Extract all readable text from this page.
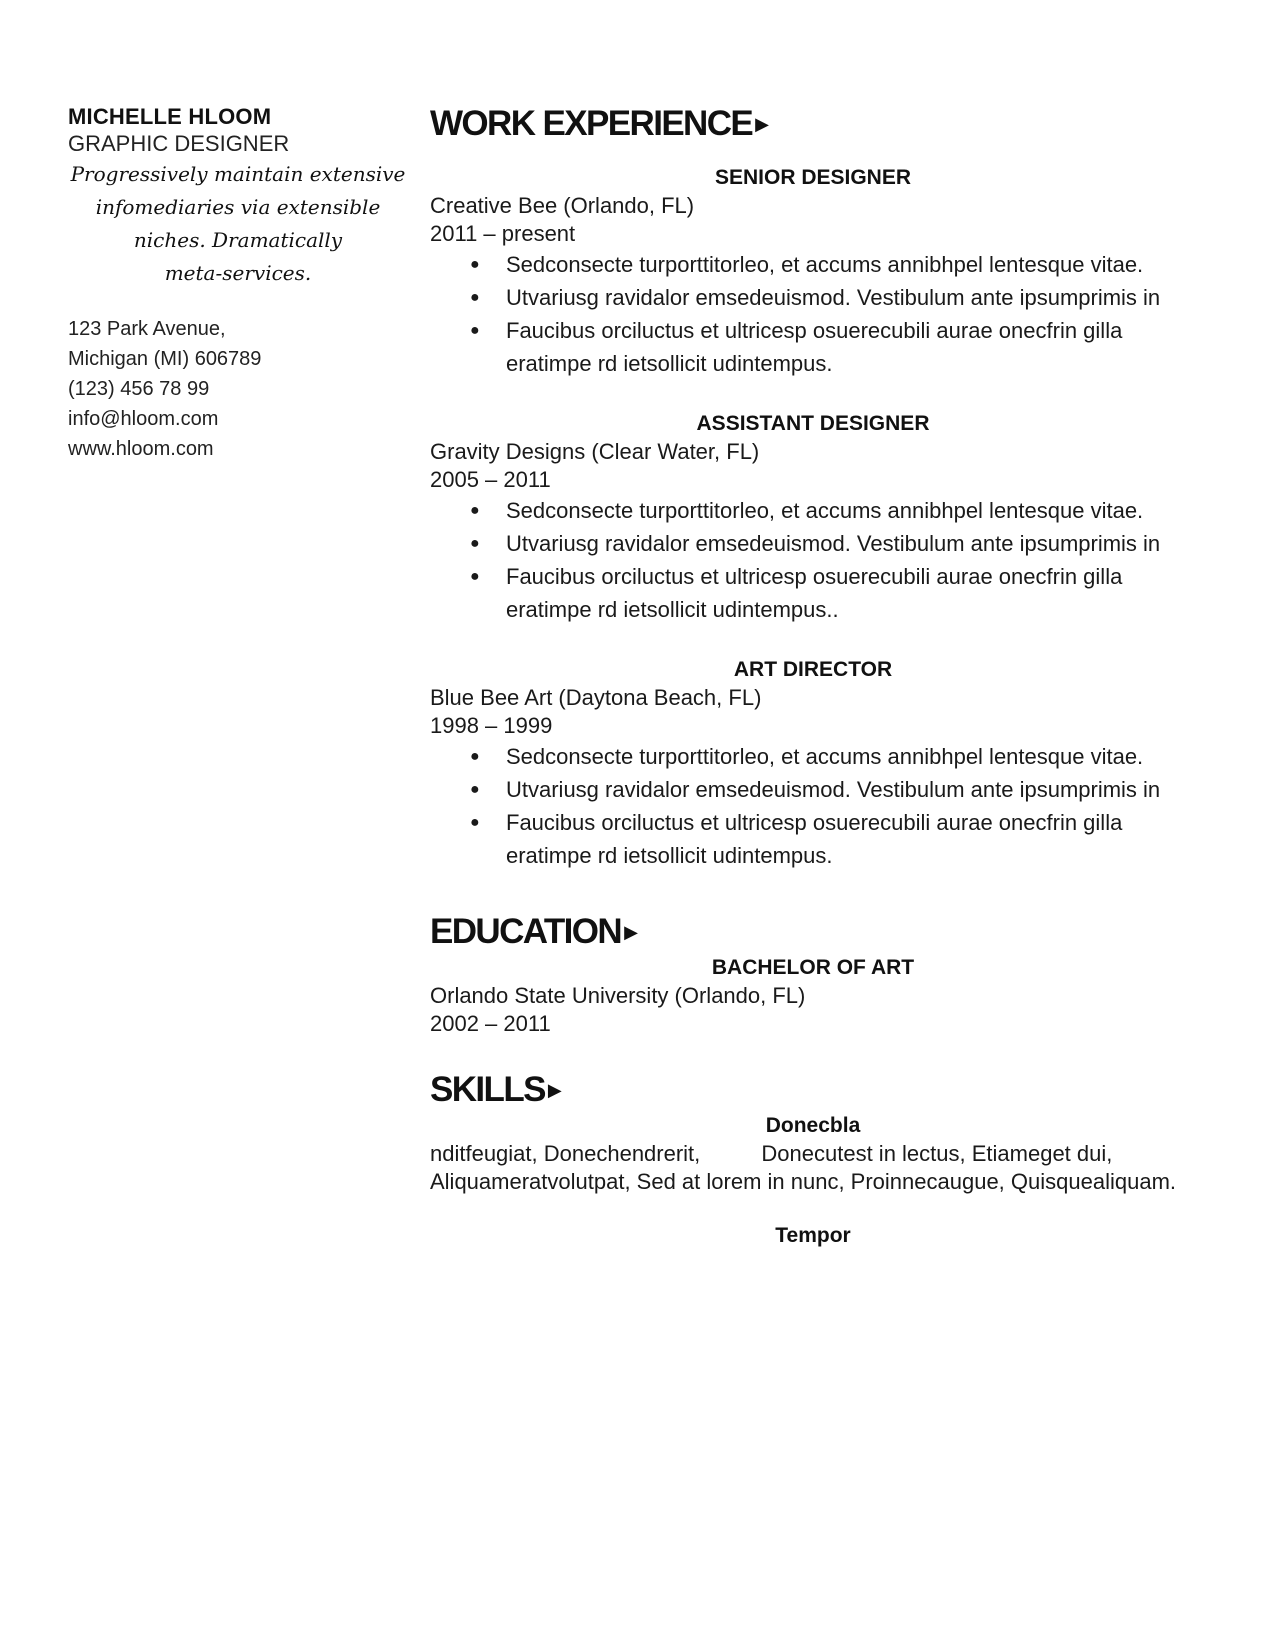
MICHELLE HLOOM
GRAPHIC DESIGNER
Progressively maintain extensive
infomediaries via extensible
niches. Dramatically
meta-services.
123 Park Avenue,
Michigan (MI) 606789
(123) 456 78 99
info@hloom.com
www.hloom.com
WORK EXPERIENCE ▶
SENIOR DESIGNER
Creative Bee (Orlando, FL)
2011 – present
● Sedconsecte turporttitorleo, et accums annibhpel lentesque vitae.
● Utvariusg ravidalor emsedeuismod. Vestibulum ante ipsumprimis in
● Faucibus orciluctus et ultricesp osuerecubili aurae onecfrin gilla eratimpe rd ietsollicit udintempus.
ASSISTANT DESIGNER
Gravity Designs (Clear Water, FL)
2005 – 2011
● Sedconsecte turporttitorleo, et accums annibhpel lentesque vitae.
● Utvariusg ravidalor emsedeuismod. Vestibulum ante ipsumprimis in
● Faucibus orciluctus et ultricesp osuerecubili aurae onecfrin gilla eratimpe rd ietsollicit udintempus..
ART DIRECTOR
Blue Bee Art (Daytona Beach, FL)
1998 – 1999
● Sedconsecte turporttitorleo, et accums annibhpel lentesque vitae.
● Utvariusg ravidalor emsedeuismod. Vestibulum ante ipsumprimis in
● Faucibus orciluctus et ultricesp osuerecubili aurae onecfrin gilla eratimpe rd ietsollicit udintempus.
EDUCATION ▶
BACHELOR OF ART
Orlando State University (Orlando, FL)
2002 – 2011
SKILLS ▶
Donecbla
nditfeugiat, Donechendrerit,          Donecutest in lectus, Etiameget dui, Aliquameratvolutpat, Sed at lorem in nunc, Proinnecaugue, Quisquealiquam.
Tempor
